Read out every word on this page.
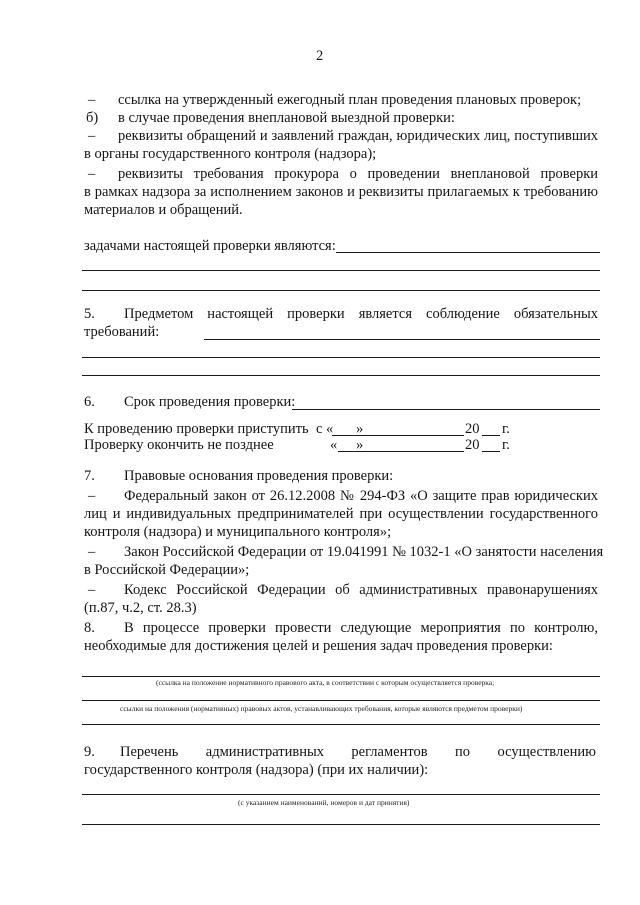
2
– ссылка на утвержденный ежегодный план проведения плановых проверок;
б) в случае проведения внеплановой выездной проверки:
– реквизиты обращений и заявлений граждан, юридических лиц, поступивших
в органы государственного контроля (надзора);
– реквизиты требования прокурора о проведении внеплановой проверки
в рамках надзора за исполнением законов и реквизиты прилагаемых к требованию
материалов и обращений.
задачами настоящей проверки являются:
5. Предметом настоящей проверки является соблюдение обязательных
требований:
6. Срок проведения проверки:
К проведению проверки приступить с « »	20 г.
Проверку окончить не позднее	« »	20 г.
7. Правовые основания проведения проверки:
– Федеральный закон от 26.12.2008 № 294-ФЗ «О защите прав юридических
лиц и индивидуальных предпринимателей при осуществлении государственного
контроля (надзора) и муниципального контроля»;
– Закон Российской Федерации от 19.041991 № 1032-1 «О занятости населения
в Российской Федерации»;
– Кодекс Российской Федерации об административных правонарушениях
(п.87, ч.2, ст. 28.3)
8. В процессе проверки провести следующие мероприятия по контролю,
необходимые для достижения целей и решения задач проведения проверки:
(ссылка на положение нормативного правового акта, в соответствии с которым осуществляется проверка;
ссылки на положения (нормативных) правовых актов, устанавливающих требования, которые являются предметом проверки)
9. Перечень административных регламентов по осуществлению
государственного контроля (надзора) (при их наличии):
(с указанием наименований, номеров и дат принятия)
